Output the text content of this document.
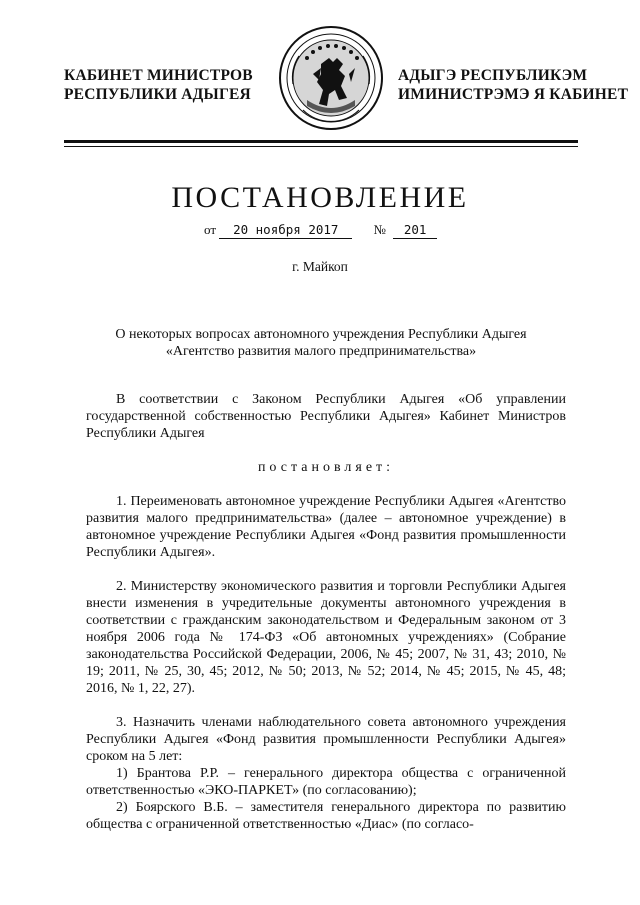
КАБИНЕТ МИНИСТРОВ
РЕСПУБЛИКИ АДЫГЕЯ
АДЫГЭ РЕСПУБЛИКЭМ
ИМИНИСТРЭМЭ Я КАБИНЕТ
ПОСТАНОВЛЕНИЕ
от 20 ноября 2017	№ 201
г. Майкоп
О некоторых вопросах автономного учреждения Республики Адыгея
«Агентство развития малого предпринимательства»

В соответствии с Законом Республики Адыгея «Об управлении государственной собственностью Республики Адыгея» Кабинет Министров Республики Адыгея

постановляет:

1. Переименовать автономное учреждение Республики Адыгея «Агентство развития малого предпринимательства» (далее – автономное учреждение) в автономное учреждение Республики Адыгея «Фонд развития промышленности Республики Адыгея».

2. Министерству экономического развития и торговли Республики Адыгея внести изменения в учредительные документы автономного учреждения в соответствии с гражданским законодательством и Федеральным законом от 3 ноября 2006 года № 174-ФЗ «Об автономных учреждениях» (Собрание законодательства Российской Федерации, 2006, № 45; 2007, № 31, 43; 2010, № 19; 2011, № 25, 30, 45; 2012, № 50; 2013, № 52; 2014, № 45; 2015, № 45, 48; 2016, № 1, 22, 27).

3. Назначить членами наблюдательного совета автономного учреждения Республики Адыгея «Фонд развития промышленности Республики Адыгея» сроком на 5 лет:

1) Брантова Р.Р. – генерального директора общества с ограниченной ответственностью «ЭКО-ПАРКЕТ» (по согласованию);

2) Боярского В.Б. – заместителя генерального директора по развитию общества с ограниченной ответственностью «Диас» (по согласо-
